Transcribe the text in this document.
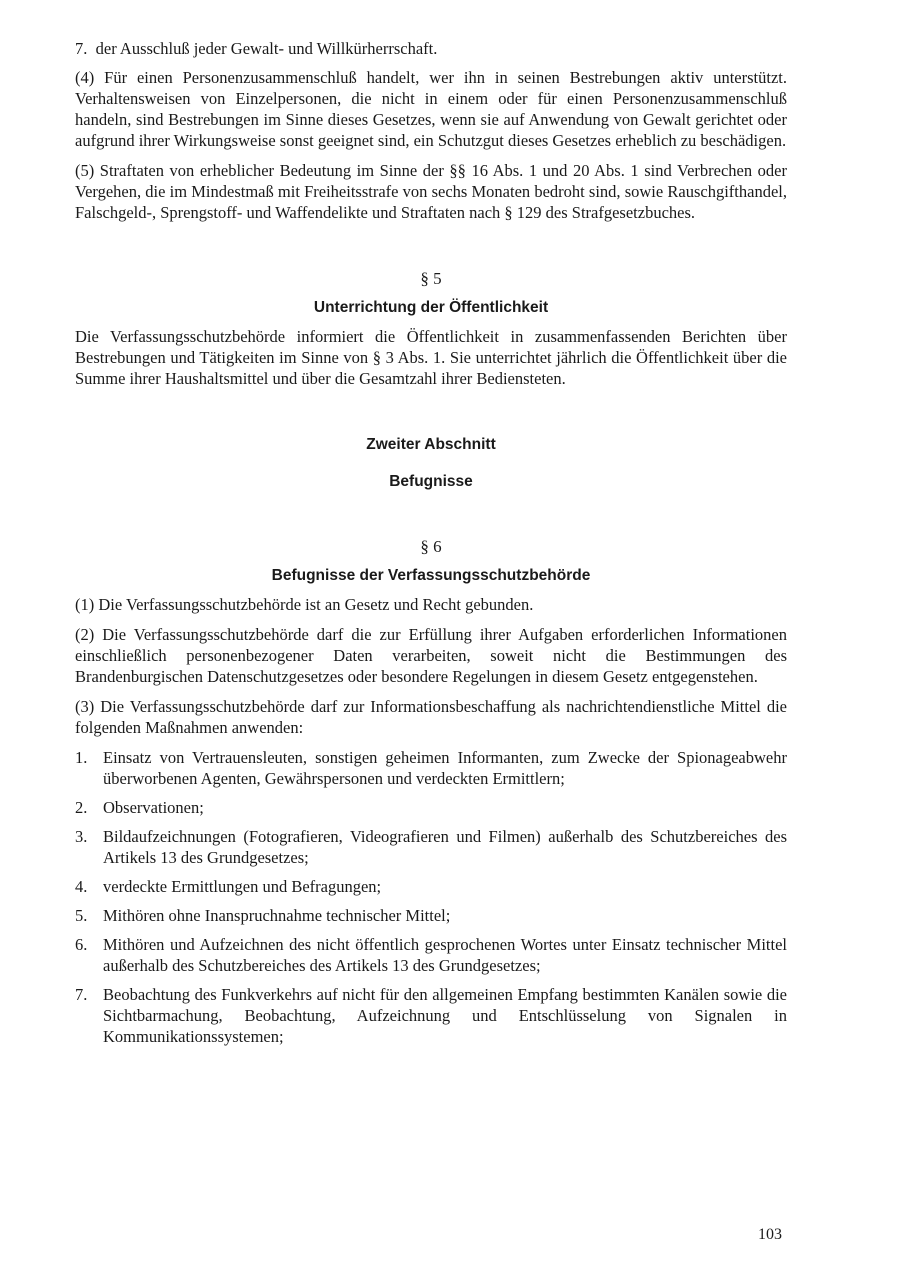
7.  der Ausschluß jeder Gewalt- und Willkürherrschaft.

(4) Für einen Personenzusammenschluß handelt, wer ihn in seinen Bestrebungen aktiv unterstützt. Verhaltensweisen von Einzelpersonen, die nicht in einem oder für einen Personenzusammenschluß handeln, sind Bestrebungen im Sinne dieses Gesetzes, wenn sie auf Anwendung von Gewalt gerichtet oder aufgrund ihrer Wirkungsweise sonst geeignet sind, ein Schutzgut dieses Gesetzes erheblich zu beschädigen.

(5) Straftaten von erheblicher Bedeutung im Sinne der §§ 16 Abs. 1 und 20 Abs. 1 sind Verbrechen oder Vergehen, die im Mindestmaß mit Freiheitsstrafe von sechs Monaten bedroht sind, sowie Rauschgifthandel, Falschgeld-, Sprengstoff- und Waffendelikte und Straftaten nach § 129 des Strafgesetzbuches.

§ 5
Unterrichtung der Öffentlichkeit

Die Verfassungsschutzbehörde informiert die Öffentlichkeit in zusammenfassenden Berichten über Bestrebungen und Tätigkeiten im Sinne von § 3 Abs. 1. Sie unterrichtet jährlich die Öffentlichkeit über die Summe ihrer Haushaltsmittel und über die Gesamtzahl ihrer Bediensteten.

Zweiter Abschnitt
Befugnisse
§ 6
Befugnisse der Verfassungsschutzbehörde

(1) Die Verfassungsschutzbehörde ist an Gesetz und Recht gebunden.

(2) Die Verfassungsschutzbehörde darf die zur Erfüllung ihrer Aufgaben erforderlichen Informationen einschließlich personenbezogener Daten verarbeiten, soweit nicht die Bestimmungen des Brandenburgischen Datenschutzgesetzes oder besondere Regelungen in diesem Gesetz entgegenstehen.

(3) Die Verfassungsschutzbehörde darf zur Informationsbeschaffung als nachrichtendienstliche Mittel die folgenden Maßnahmen anwenden:

1. Einsatz von Vertrauensleuten, sonstigen geheimen Informanten, zum Zwecke der Spionageabwehr überworbenen Agenten, Gewährspersonen und verdeckten Ermittlern;
2. Observationen;
3. Bildaufzeichnungen (Fotografieren, Videografieren und Filmen) außerhalb des Schutzbereiches des Artikels 13 des Grundgesetzes;
4. verdeckte Ermittlungen und Befragungen;
5. Mithören ohne Inanspruchnahme technischer Mittel;
6. Mithören und Aufzeichnen des nicht öffentlich gesprochenen Wortes unter Einsatz technischer Mittel außerhalb des Schutzbereiches des Artikels 13 des Grundgesetzes;
7. Beobachtung des Funkverkehrs auf nicht für den allgemeinen Empfang bestimmten Kanälen sowie die Sichtbarmachung, Beobachtung, Aufzeichnung und Entschlüsselung von Signalen in Kommunikationssystemen;
103
